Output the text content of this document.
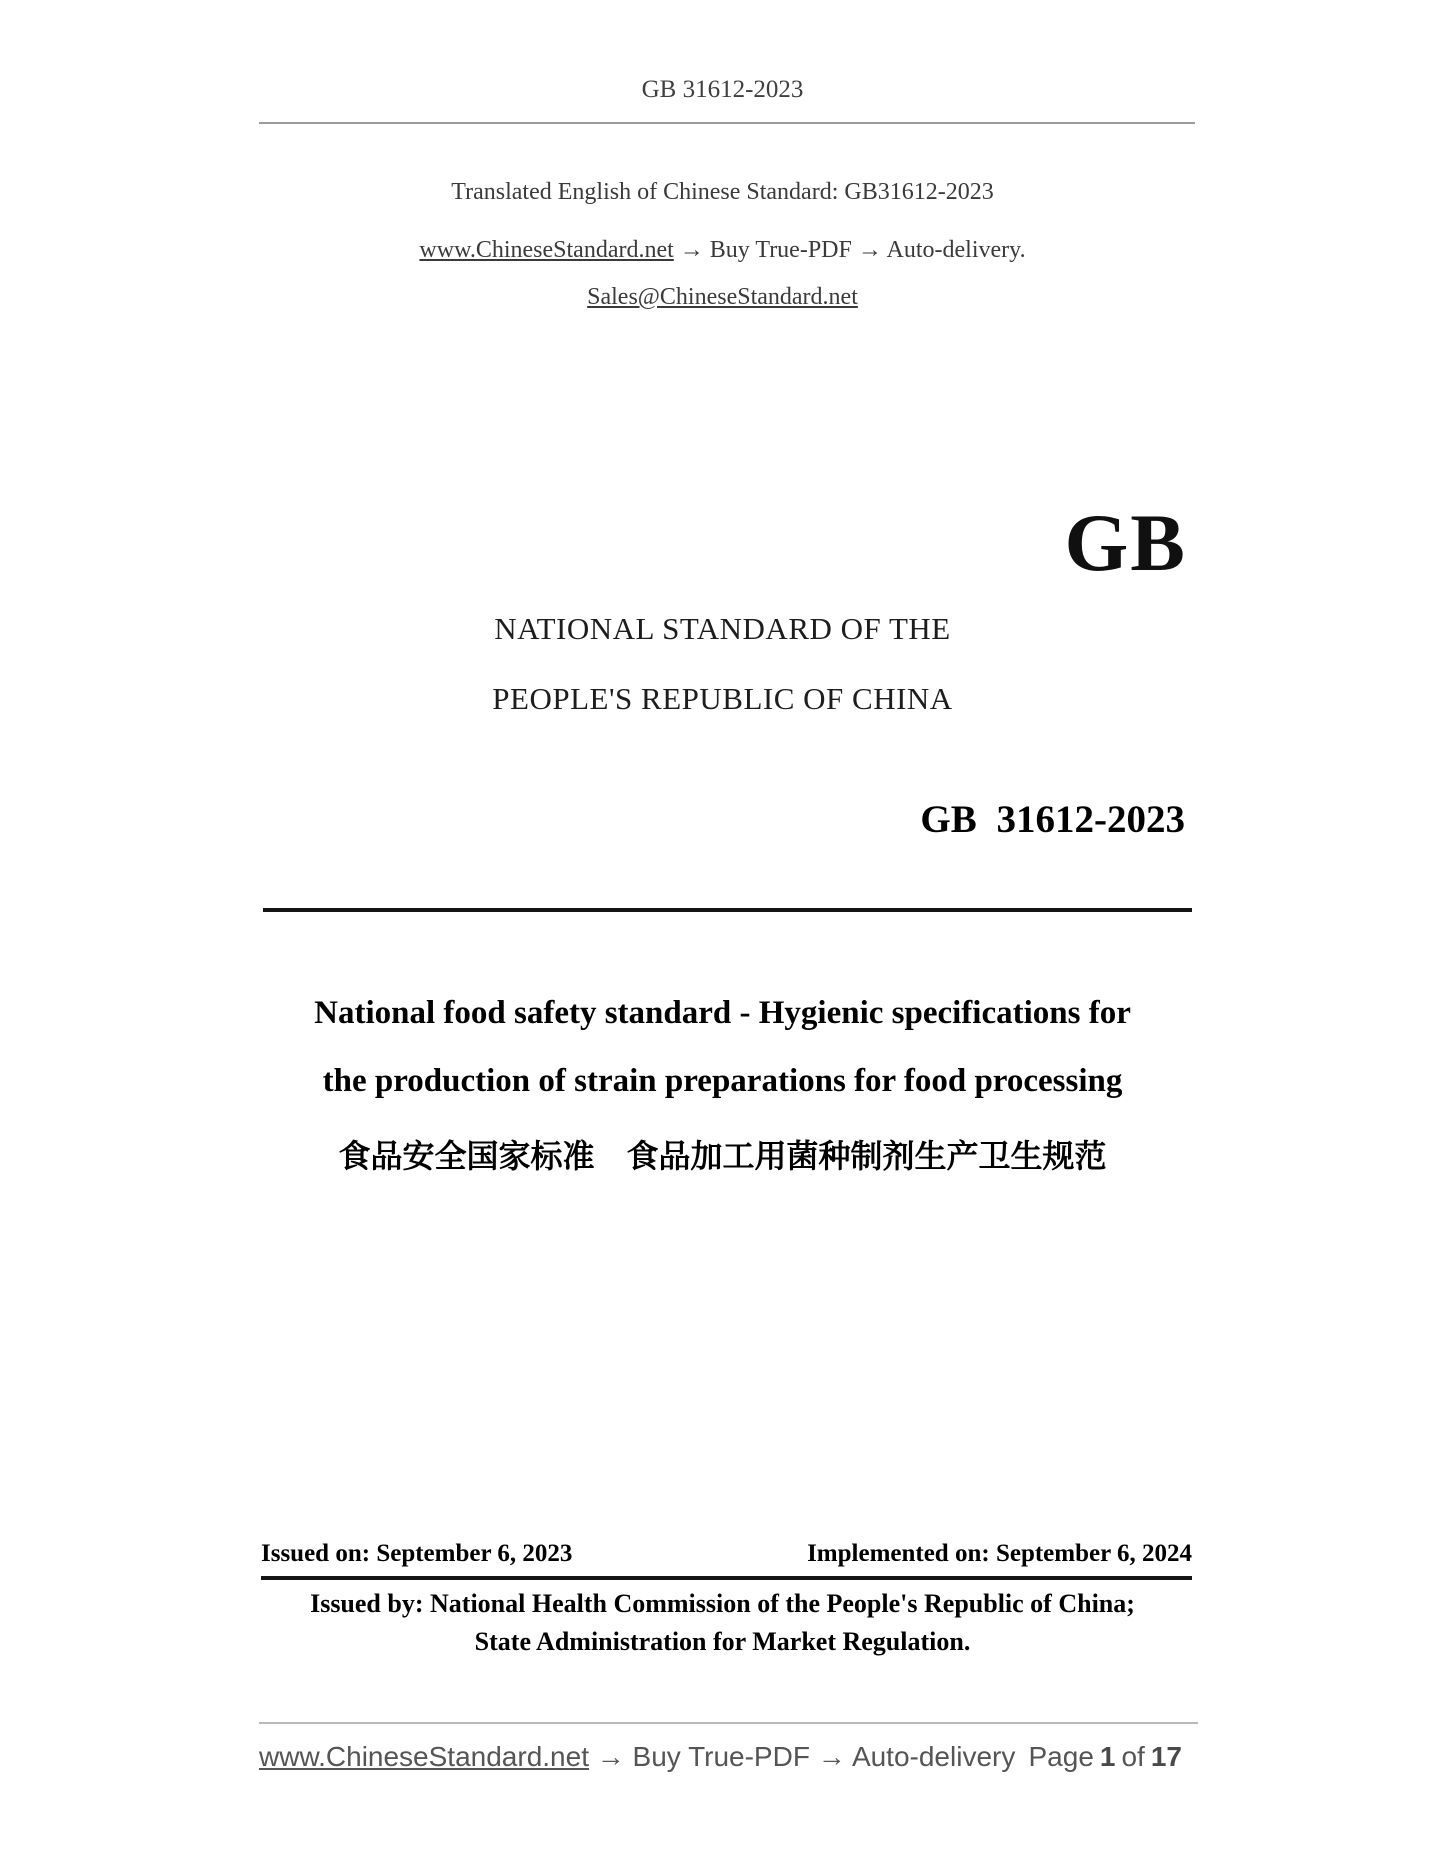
GB 31612-2023
Translated English of Chinese Standard: GB31612-2023
www.ChineseStandard.net → Buy True-PDF → Auto-delivery.
Sales@ChineseStandard.net
GB
NATIONAL STANDARD OF THE
PEOPLE'S REPUBLIC OF CHINA
GB 31612-2023
National food safety standard - Hygienic specifications for
the production of strain preparations for food processing
食品安全国家标准　食品加工用菌种制剂生产卫生规范
Issued on: September 6, 2023	Implemented on: September 6, 2024
Issued by: National Health Commission of the People's Republic of China;
State Administration for Market Regulation.
www.ChineseStandard.net → Buy True-PDF → Auto-delivery Page 1 of 17
